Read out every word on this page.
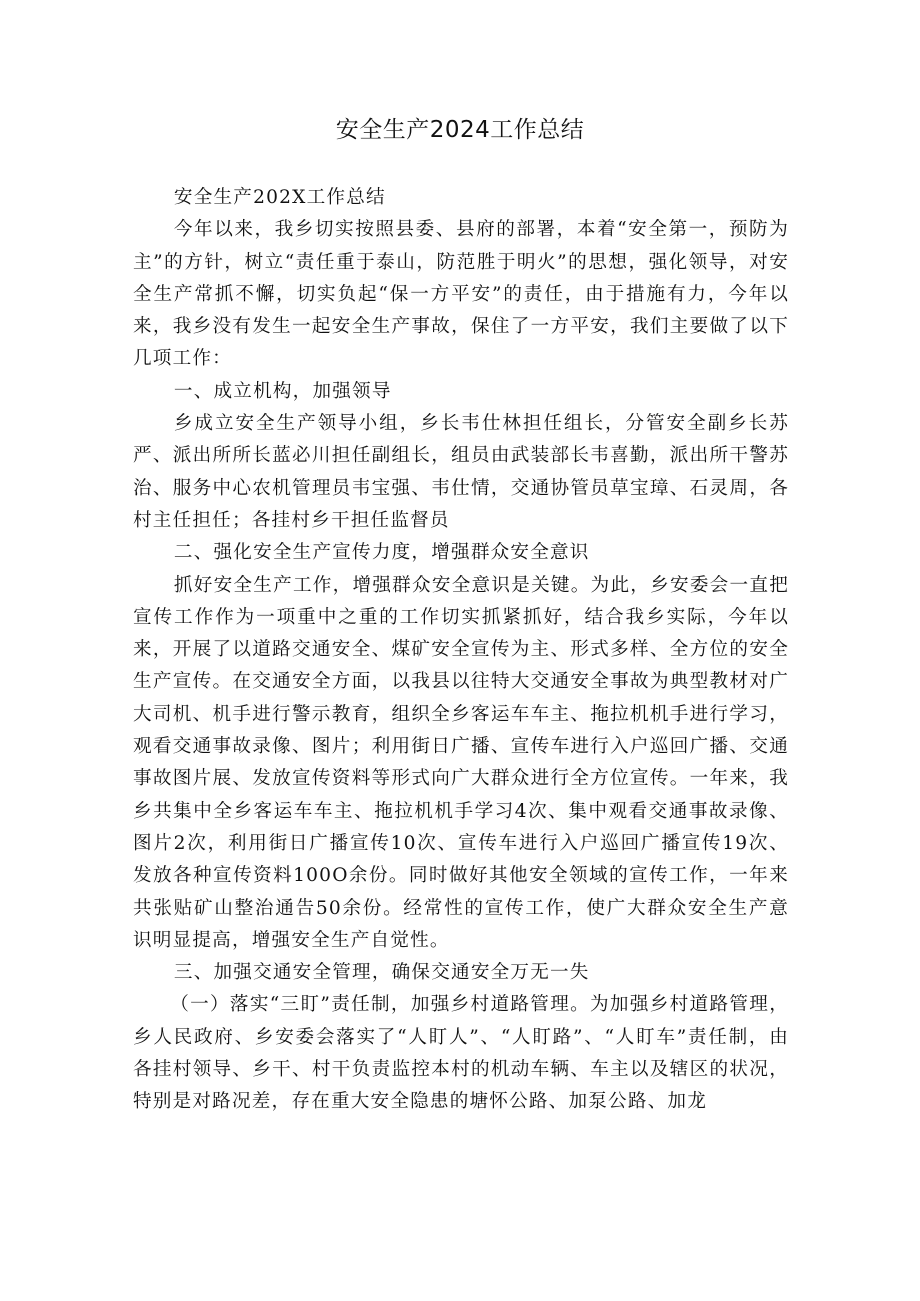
安全生产2024工作总结

安全生产202X工作总结

今年以来，我乡切实按照县委、县府的部署，本着“安全第一，预防为主”的方针，树立“责任重于泰山，防范胜于明火”的思想，强化领导，对安全生产常抓不懈，切实负起“保一方平安”的责任，由于措施有力，今年以来，我乡没有发生一起安全生产事故，保住了一方平安，我们主要做了以下几项工作：

一、成立机构，加强领导

乡成立安全生产领导小组，乡长韦仕林担任组长，分管安全副乡长苏严、派出所所长蓝必川担任副组长，组员由武装部长韦喜勤，派出所干警苏治、服务中心农机管理员韦宝强、韦仕情，交通协管员草宝璋、石灵周，各村主任担任；各挂村乡干担任监督员

二、强化安全生产宣传力度，增强群众安全意识

抓好安全生产工作，增强群众安全意识是关键。为此，乡安委会一直把宣传工作作为一项重中之重的工作切实抓紧抓好，结合我乡实际，今年以来，开展了以道路交通安全、煤矿安全宣传为主、形式多样、全方位的安全生产宣传。在交通安全方面，以我县以往特大交通安全事故为典型教材对广大司机、机手进行警示教育，组织全乡客运车车主、拖拉机机手进行学习，观看交通事故录像、图片；利用街日广播、宣传车进行入户巡回广播、交通事故图片展、发放宣传资料等形式向广大群众进行全方位宣传。一年来，我乡共集中全乡客运车车主、拖拉机机手学习4次、集中观看交通事故录像、图片2次，利用街日广播宣传10次、宣传车进行入户巡回广播宣传19次、发放各种宣传资料100O余份。同时做好其他安全领域的宣传工作，一年来共张贴矿山整治通告50余份。经常性的宣传工作，使广大群众安全生产意识明显提高，增强安全生产自觉性。

三、加强交通安全管理，确保交通安全万无一失

（一）落实“三盯”责任制，加强乡村道路管理。为加强乡村道路管理，乡人民政府、乡安委会落实了“人盯人”、“人盯路”、“人盯车”责任制，由各挂村领导、乡干、村干负责监控本村的机动车辆、车主以及辖区的状况，特别是对路况差，存在重大安全隐患的塘怀公路、加泵公路、加龙
